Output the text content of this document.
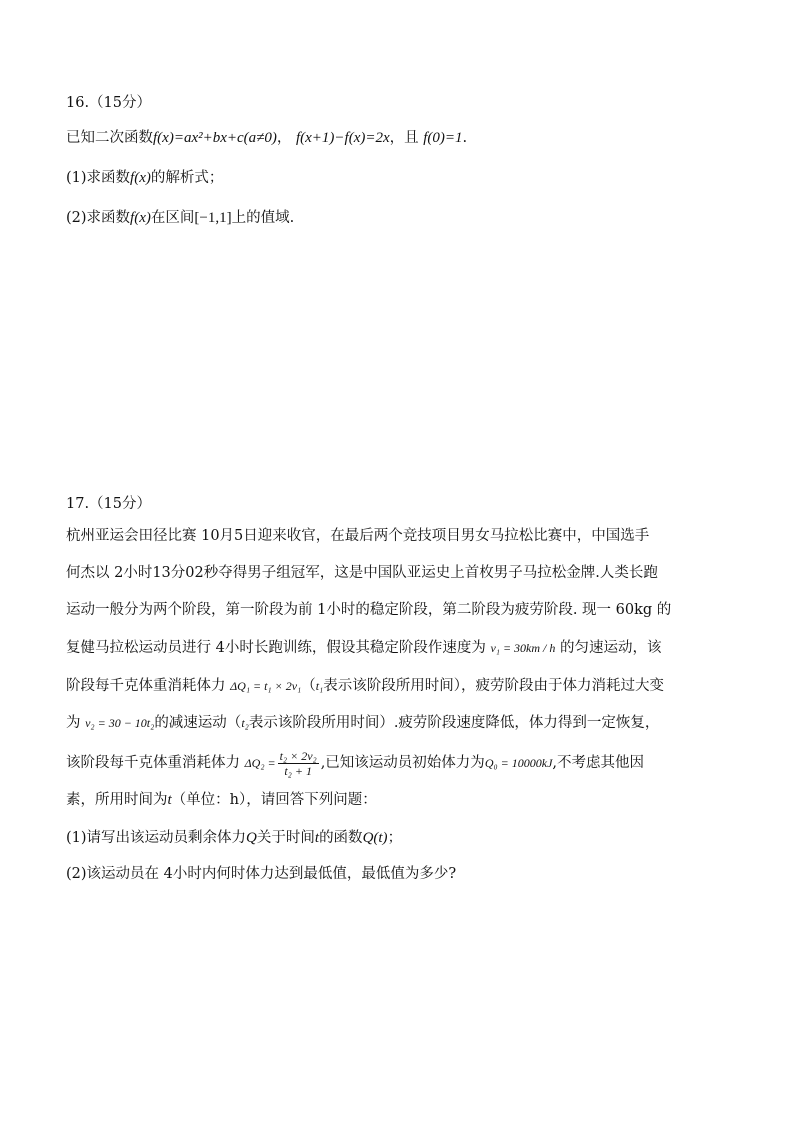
16.（15分）
已知二次函数f(x)=ax²+bx+c(a≠0)， f(x+1)−f(x)=2x，且 f(0)=1.
(1)求函数f(x)的解析式；
(2)求函数f(x)在区间[−1,1]上的值域.
17.（15分）
杭州亚运会田径比赛 10月5日迎来收官，在最后两个竞技项目男女马拉松比赛中，中国选手
何杰以 2小时13分02秒夺得男子组冠军，这是中国队亚运史上首枚男子马拉松金牌.人类长跑
运动一般分为两个阶段，第一阶段为前 1小时的稳定阶段，第二阶段为疲劳阶段. 现一 60kg 的
复健马拉松运动员进行 4小时长跑训练，假设其稳定阶段作速度为 v₁ = 30km / h 的匀速运动，该
阶段每千克体重消耗体力 ΔQ₁ = t₁ × 2v₁（t₁表示该阶段所用时间），疲劳阶段由于体力消耗过大变
为 v₂ = 30 − 10t₂的减速运动（t₂表示该阶段所用时间）.疲劳阶段速度降低，体力得到一定恢复，
该阶段每千克体重消耗体力 $\Delta Q_2 = \frac{\text{t₂ × 2v₂}}{\text{t₂ + 1}}$ ,已知该运动员初始体力为Q₀ = 10000kJ,不考虑其他因
素，所用时间为t（单位：h），请回答下列问题：
(1)请写出该运动员剩余体力Q关于时间t的函数Q(t)；
(2)该运动员在 4小时内何时体力达到最低值，最低值为多少?
